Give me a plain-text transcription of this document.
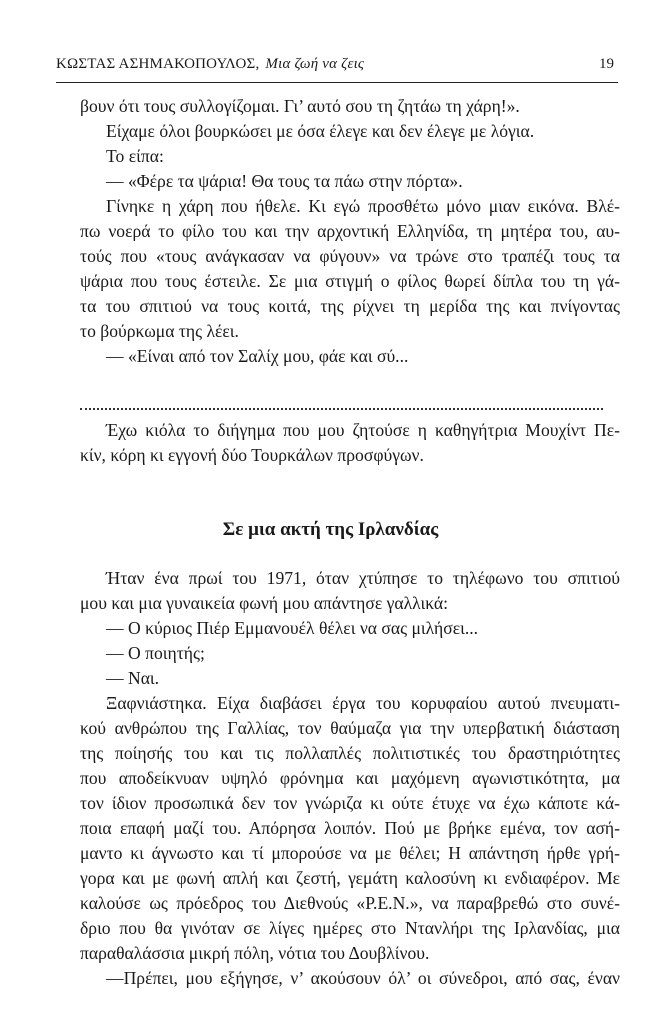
ΚΩΣΤΑΣ ΑΣΗΜΑΚΟΠΟΥΛΟΣ, Μια ζωή να ζεις	19
βουν ότι τους συλλογίζομαι. Γι’ αυτό σου τη ζητάω τη χάρη!».
Είχαμε όλοι βουρκώσει με όσα έλεγε και δεν έλεγε με λόγια.
Το είπα:
— «Φέρε τα ψάρια! Θα τους τα πάω στην πόρτα».
Γίνηκε η χάρη που ήθελε. Κι εγώ προσθέτω μόνο μιαν εικόνα. Βλέ-
πω νοερά το φίλο του και την αρχοντική Ελληνίδα, τη μητέρα του, αυ-
τούς που «τους ανάγκασαν να φύγουν» να τρώνε στο τραπέζι τους τα
ψάρια που τους έστειλε. Σε μια στιγμή ο φίλος θωρεί δίπλα του τη γά-
τα του σπιτιού να τους κοιτά, της ρίχνει τη μερίδα της και πνίγοντας
το βούρκωμα της λέει.
— «Είναι από τον Σαλίχ μου, φάε και σύ...
Έχω κιόλα το διήγημα που μου ζητούσε η καθηγήτρια Μουχίντ Πε-
κίν, κόρη κι εγγονή δύο Τουρκάλων προσφύγων.
Σε μια ακτή της Ιρλανδίας
Ήταν ένα πρωί του 1971, όταν χτύπησε το τηλέφωνο του σπιτιού
μου και μια γυναικεία φωνή μου απάντησε γαλλικά:
— Ο κύριος Πιέρ Εμμανουέλ θέλει να σας μιλήσει...
— Ο ποιητής;
— Ναι.
Ξαφνιάστηκα. Είχα διαβάσει έργα του κορυφαίου αυτού πνευματι-
κού ανθρώπου της Γαλλίας, τον θαύμαζα για την υπερβατική διάσταση
της ποίησής του και τις πολλαπλές πολιτιστικές του δραστηριότητες
που αποδείκνυαν υψηλό φρόνημα και μαχόμενη αγωνιστικότητα, μα
τον ίδιον προσωπικά δεν τον γνώριζα κι ούτε έτυχε να έχω κάποτε κά-
ποια επαφή μαζί του. Απόρησα λοιπόν. Πού με βρήκε εμένα, τον ασή-
μαντο κι άγνωστο και τί μπορούσε να με θέλει; Η απάντηση ήρθε γρή-
γορα και με φωνή απλή και ζεστή, γεμάτη καλοσύνη κι ενδιαφέρον. Με
καλούσε ως πρόεδρος του Διεθνούς «P.E.N.», να παραβρεθώ στο συνέ-
δριο που θα γινόταν σε λίγες ημέρες στο Ντανλήρι της Ιρλανδίας, μια
παραθαλάσσια μικρή πόλη, νότια του Δουβλίνου.
—Πρέπει, μου εξήγησε, ν’ ακούσουν όλ’ οι σύνεδροι, από σας, έναν
